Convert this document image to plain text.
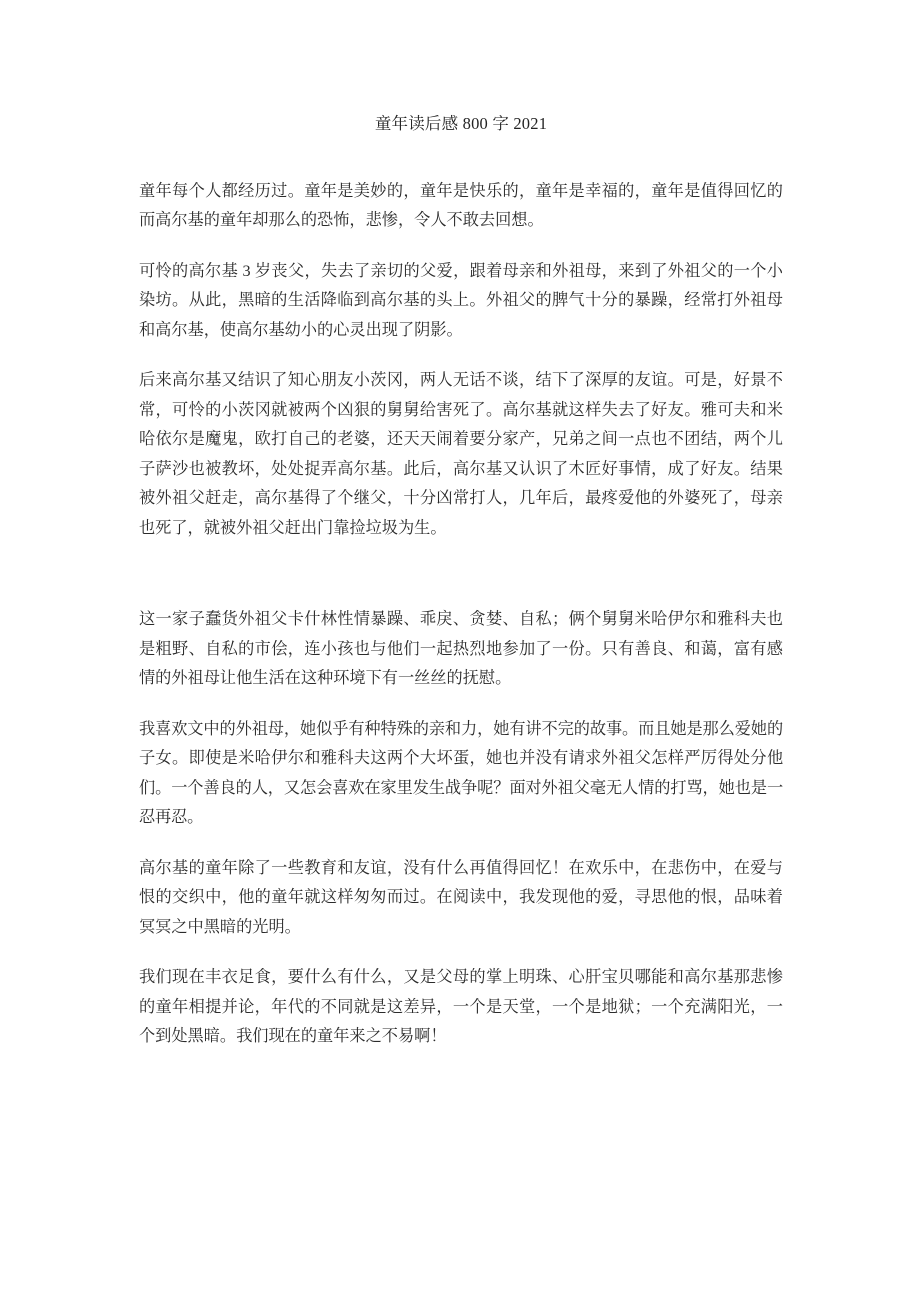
童年读后感 800 字 2021

童年每个人都经历过。童年是美妙的，童年是快乐的，童年是幸福的，童年是值得回忆的而高尔基的童年却那么的恐怖，悲惨，令人不敢去回想。

可怜的高尔基 3 岁丧父，失去了亲切的父爱，跟着母亲和外祖母，来到了外祖父的一个小染坊。从此，黑暗的生活降临到高尔基的头上。外祖父的脾气十分的暴躁，经常打外祖母和高尔基，使高尔基幼小的心灵出现了阴影。

后来高尔基又结识了知心朋友小茨冈，两人无话不谈，结下了深厚的友谊。可是，好景不常，可怜的小茨冈就被两个凶狠的舅舅给害死了。高尔基就这样失去了好友。雅可夫和米哈依尔是魔鬼，欧打自己的老婆，还天天闹着要分家产，兄弟之间一点也不团结，两个儿子萨沙也被教坏，处处捉弄高尔基。此后，高尔基又认识了木匠好事情，成了好友。结果被外祖父赶走，高尔基得了个继父，十分凶常打人，几年后，最疼爱他的外婆死了，母亲也死了，就被外祖父赶出门靠捡垃圾为生。

这一家子蠢货外祖父卡什林性情暴躁、乖戾、贪婪、自私；俩个舅舅米哈伊尔和雅科夫也是粗野、自私的市侩，连小孩也与他们一起热烈地参加了一份。只有善良、和蔼，富有感情的外祖母让他生活在这种环境下有一丝丝的抚慰。

我喜欢文中的外祖母，她似乎有种特殊的亲和力，她有讲不完的故事。而且她是那么爱她的子女。即使是米哈伊尔和雅科夫这两个大坏蛋，她也并没有请求外祖父怎样严厉得处分他们。一个善良的人，又怎会喜欢在家里发生战争呢？面对外祖父毫无人情的打骂，她也是一忍再忍。

高尔基的童年除了一些教育和友谊，没有什么再值得回忆！在欢乐中，在悲伤中，在爱与恨的交织中，他的童年就这样匆匆而过。在阅读中，我发现他的爱，寻思他的恨，品味着冥冥之中黑暗的光明。

我们现在丰衣足食，要什么有什么，又是父母的掌上明珠、心肝宝贝哪能和高尔基那悲惨的童年相提并论，年代的不同就是这差异，一个是天堂，一个是地狱；一个充满阳光，一个到处黑暗。我们现在的童年来之不易啊！
